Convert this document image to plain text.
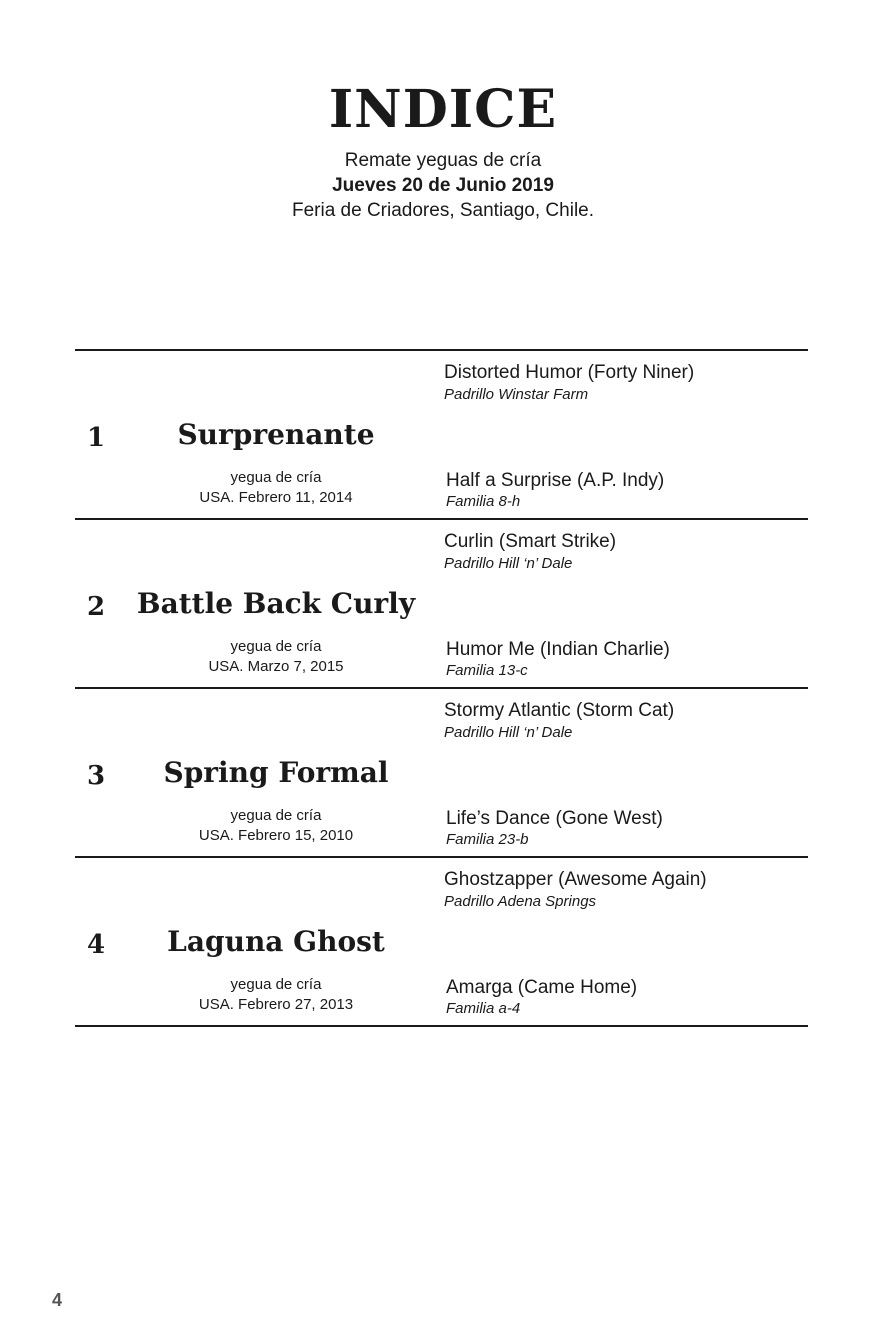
INDICE
Remate yeguas de cría
Jueves 20 de Junio 2019
Feria de Criadores, Santiago, Chile.
1	Surprenante
yegua de cría
USA. Febrero 11, 2014
Distorted Humor (Forty Niner)
Padrillo Winstar Farm
Half a Surprise (A.P. Indy)
Familia 8-h
2	Battle Back Curly
yegua de cría
USA. Marzo 7, 2015
Curlin (Smart Strike)
Padrillo Hill ‘n’ Dale
Humor Me (Indian Charlie)
Familia 13-c
3	Spring Formal
yegua de cría
USA. Febrero 15, 2010
Stormy Atlantic (Storm Cat)
Padrillo Hill ‘n’ Dale
Life’s Dance (Gone West)
Familia 23-b
4	Laguna Ghost
yegua de cría
USA. Febrero 27, 2013
Ghostzapper (Awesome Again)
Padrillo Adena Springs
Amarga (Came Home)
Familia a-4
4
